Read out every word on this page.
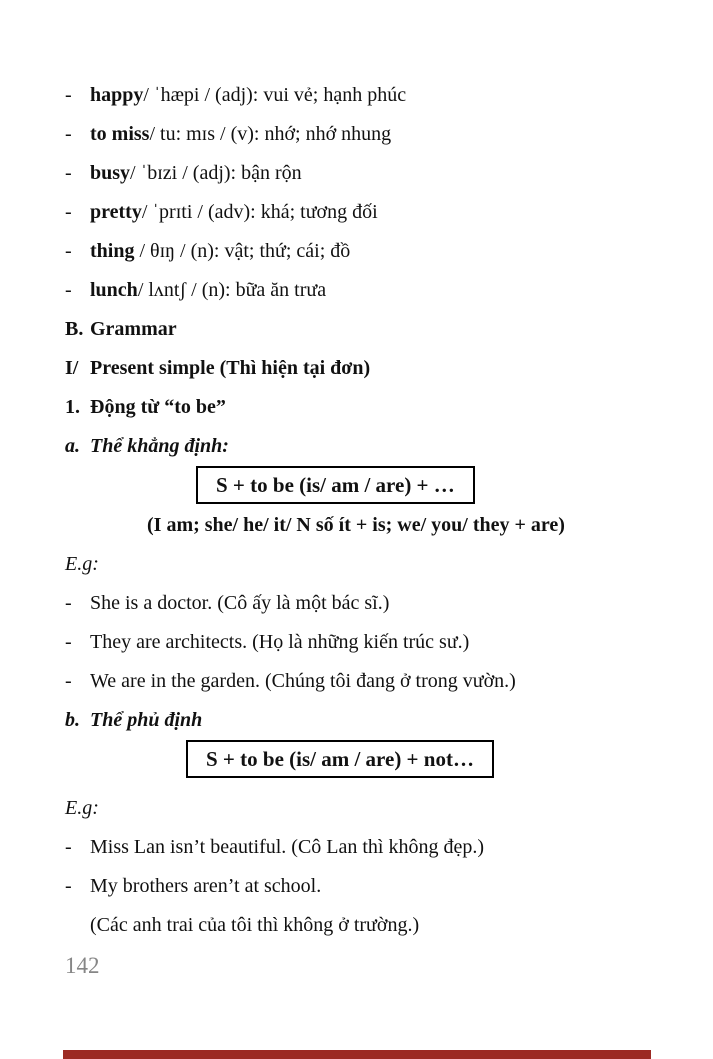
- happy/ ˈhæpi / (adj): vui vẻ; hạnh phúc
- to miss/ tu: mɪs / (v): nhớ; nhớ nhung
- busy/ ˈbɪzi / (adj): bận rộn
- pretty/ ˈprɪti / (adv): khá; tương đối
- thing / θɪŋ / (n): vật; thứ; cái; đồ
- lunch/ lʌntʃ / (n): bữa ăn trưa
B. Grammar
I/ Present simple (Thì hiện tại đơn)
1. Động từ “to be”
a. Thể khẳng định:
S + to be (is/ am / are) + …
(I am; she/ he/ it/ N số ít + is; we/ you/ they + are)
E.g:
- She is a doctor. (Cô ấy là một bác sĩ.)
- They are architects. (Họ là những kiến trúc sư.)
- We are in the garden. (Chúng tôi đang ở trong vườn.)
b. Thể phủ định
S + to be (is/ am / are) + not…
E.g:
- Miss Lan isn’t beautiful. (Cô Lan thì không đẹp.)
- My brothers aren’t at school.
(Các anh trai của tôi thì không ở trường.)
142
